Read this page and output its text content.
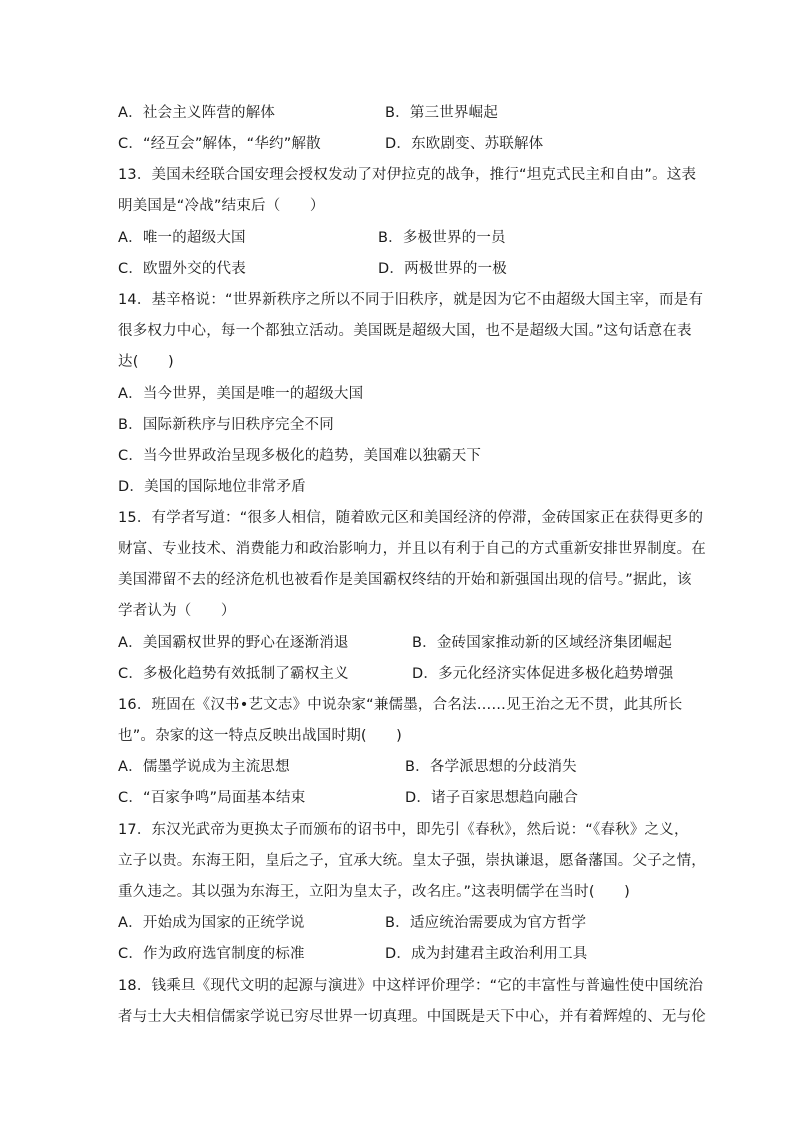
A．社会主义阵营的解体	B．第三世界崛起
C．“经互会”解体，“华约”解散	D．东欧剧变、苏联解体
13．美国未经联合国安理会授权发动了对伊拉克的战争，推行“坦克式民主和自由”。这表
明美国是“冷战”结束后（　　）
A．唯一的超级大国	B．多极世界的一员
C．欧盟外交的代表	D．两极世界的一极
14．基辛格说：“世界新秩序之所以不同于旧秩序，就是因为它不由超级大国主宰，而是有
很多权力中心，每一个都独立活动。美国既是超级大国，也不是超级大国。”这句话意在表
达(　　)
A．当今世界，美国是唯一的超级大国
B．国际新秩序与旧秩序完全不同
C．当今世界政治呈现多极化的趋势，美国难以独霸天下
D．美国的国际地位非常矛盾
15．有学者写道：“很多人相信，随着欧元区和美国经济的停滞，金砖国家正在获得更多的
财富、专业技术、消费能力和政治影响力，并且以有利于自己的方式重新安排世界制度。在
美国滞留不去的经济危机也被看作是美国霸权终结的开始和新强国出现的信号。”据此，该
学者认为（　　）
A．美国霸权世界的野心在逐渐消退	B．金砖国家推动新的区域经济集团崛起
C．多极化趋势有效抵制了霸权主义	D．多元化经济实体促进多极化趋势增强
16．班固在《汉书•艺文志》中说杂家“兼儒墨，合名法……见王治之无不贯，此其所长
也”。杂家的这一特点反映出战国时期(　　)
A．儒墨学说成为主流思想	B．各学派思想的分歧消失
C．“百家争鸣”局面基本结束	D．诸子百家思想趋向融合
17．东汉光武帝为更换太子而颁布的诏书中，即先引《春秋》，然后说：“《春秋》之义，
立子以贵。东海王阳，皇后之子，宜承大统。皇太子强，崇执谦退，愿备藩国。父子之情，
重久违之。其以强为东海王，立阳为皇太子，改名庄。”这表明儒学在当时(　　)
A．开始成为国家的正统学说	B．适应统治需要成为官方哲学
C．作为政府选官制度的标准	D．成为封建君主政治利用工具
18．钱乘旦《现代文明的起源与演进》中这样评价理学：“它的丰富性与普遍性使中国统治
者与士大夫相信儒家学说已穷尽世界一切真理。中国既是天下中心，并有着辉煌的、无与伦
